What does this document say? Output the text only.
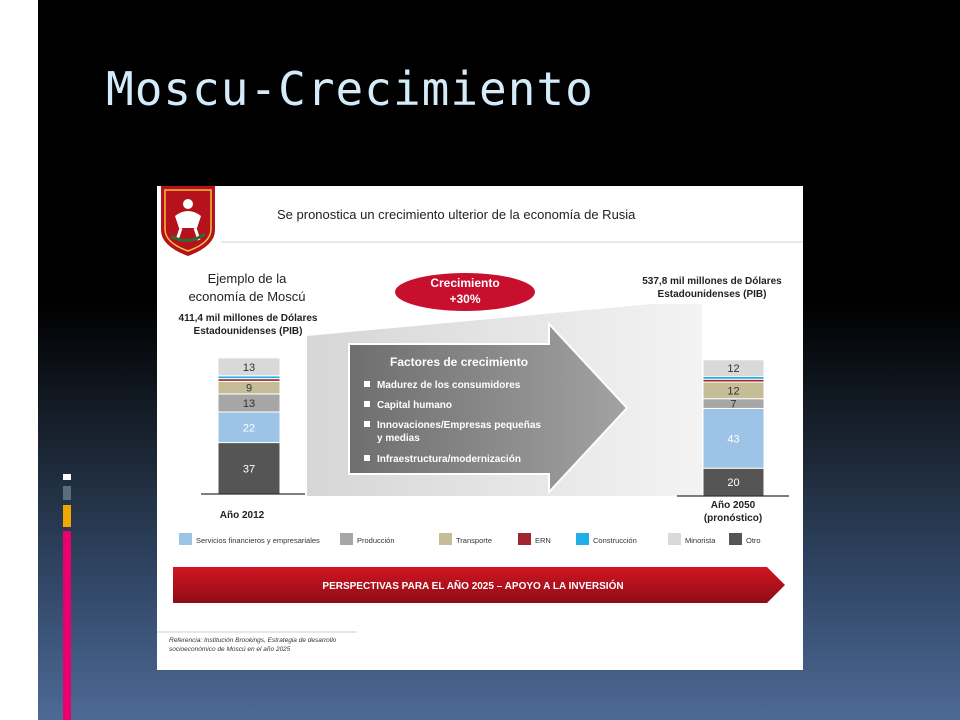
Moscu-Crecimiento
Se pronostica un crecimiento ulterior de la economía de Rusia
Factores de crecimiento
Madurez de los consumidores
Capital humano
Innovaciones/Empresas pequeñas y medias
Infraestructura/modernización
Crecimiento +30%
Ejemplo de la economía de Moscú
411,4 mil millones de Dólares Estadounidenses (PIB)
537,8 mil millones de Dólares Estadounidenses (PIB)
37
22
13
9
13
20
43
7
12
12
Año 2012
Año 2050 (pronóstico)
Servicios financieros y empresariales	Producción	Transporte	ERN	Construcción	Minorista	Otro
PERSPECTIVAS PARA EL AÑO 2025 – APOYO A LA INVERSIÓN
Referencia: Institución Brookings, Estrategia de desarrollo socioeconómico de Moscú en el año 2025
